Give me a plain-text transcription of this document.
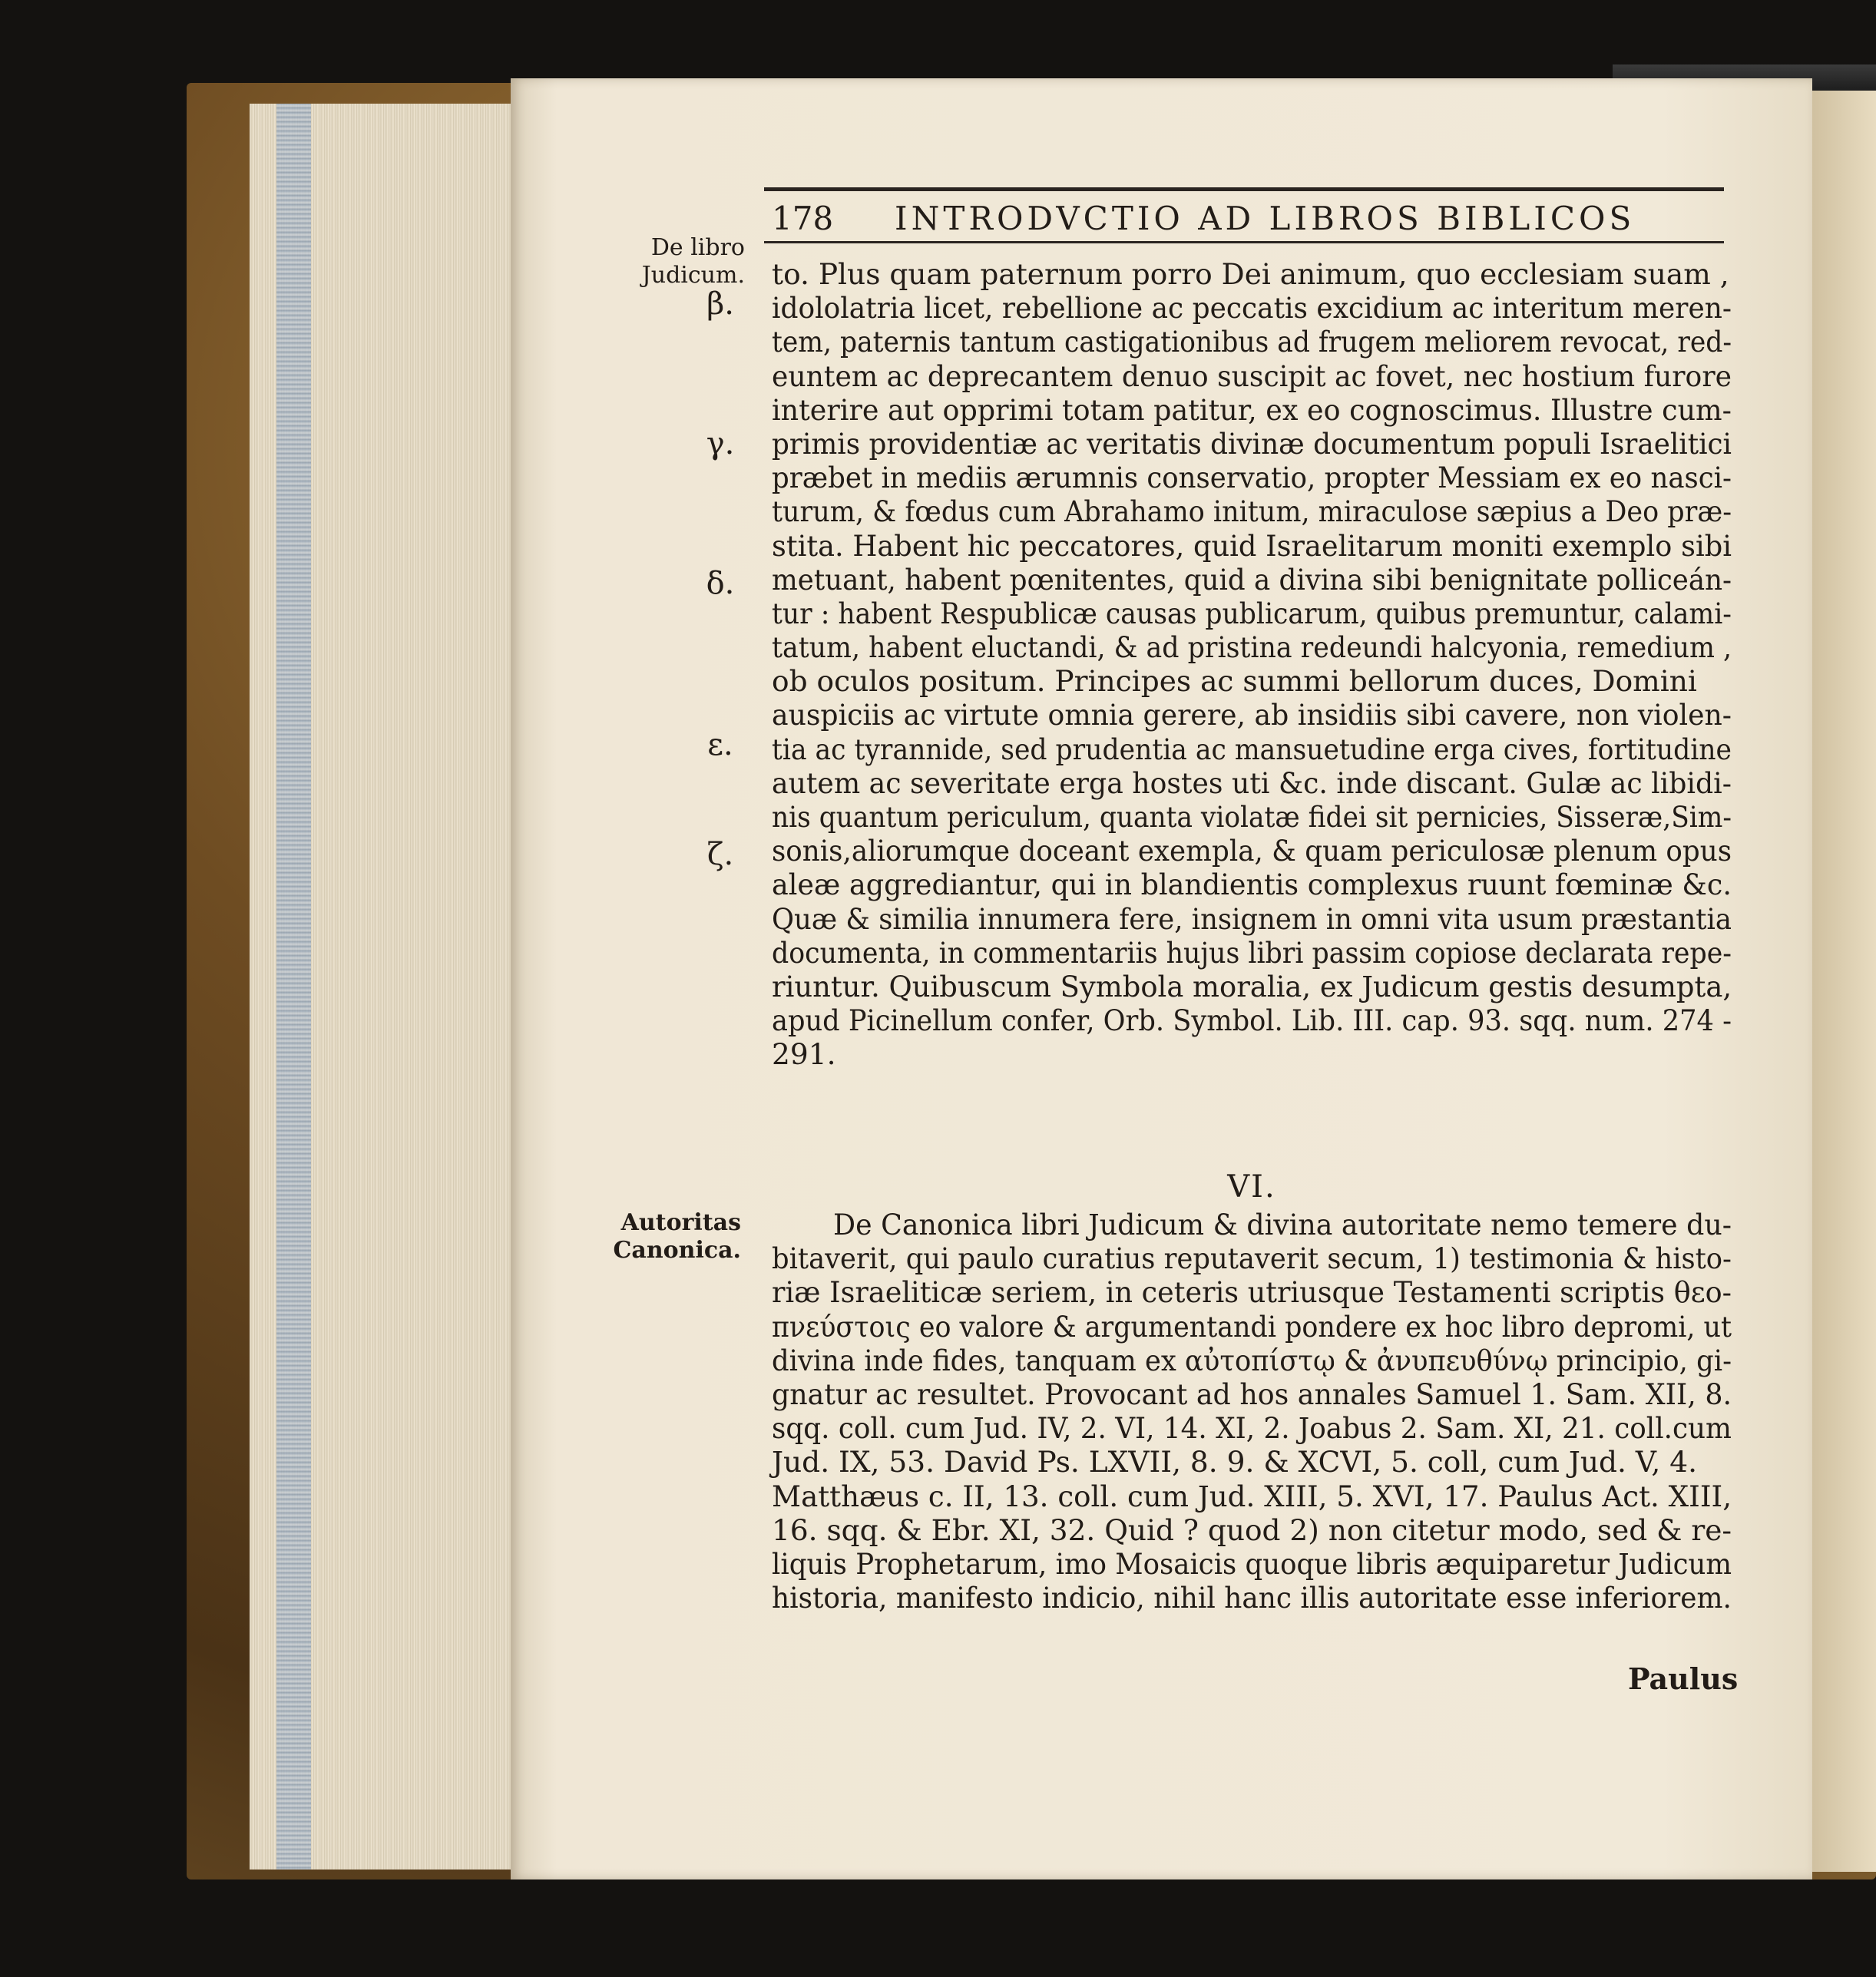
178 INTRODVCTIO AD LIBROS BIBLICOS
De libro
Judicum.
Autoritas
Canonica.
β.
γ.
δ.
ε.
ζ.
to. Plus quam paternum porro Dei animum, quo ecclesiam suam ,
idololatria licet, rebellione ac peccatis excidium ac interitum meren-
tem, paternis tantum castigationibus ad frugem meliorem revocat, red-
euntem ac deprecantem denuo suscipit ac fovet, nec hostium furore
interire aut opprimi totam patitur, ex eo cognoscimus. Illustre cum-
primis providentiæ ac veritatis divinæ documentum populi Israelitici
præbet in mediis ærumnis conservatio, propter Messiam ex eo nasci-
turum, & fœdus cum Abrahamo initum, miraculose sæpius a Deo præ-
stita. Habent hic peccatores, quid Israelitarum moniti exemplo sibi
metuant, habent pœnitentes, quid a divina sibi benignitate polliceán-
tur : habent Respublicæ causas publicarum, quibus premuntur, calami-
tatum, habent eluctandi, & ad pristina redeundi halcyonia, remedium ,
ob oculos positum. Principes ac summi bellorum duces, Domini
auspiciis ac virtute omnia gerere, ab insidiis sibi cavere, non violen-
tia ac tyrannide, sed prudentia ac mansuetudine erga cives, fortitudine
autem ac severitate erga hostes uti &c. inde discant. Gulæ ac libidi-
nis quantum periculum, quanta violatæ fidei sit pernicies, Sisseræ,Sim-
sonis,aliorumque doceant exempla, & quam periculosæ plenum opus
aleæ aggrediantur, qui in blandientis complexus ruunt fœminæ &c.
Quæ & similia innumera fere, insignem in omni vita usum præstantia
documenta, in commentariis hujus libri passim copiose declarata repe-
riuntur. Quibuscum Symbola moralia, ex Judicum gestis desumpta,
apud Picinellum confer, Orb. Symbol. Lib. III. cap. 93. sqq. num. 274 -
291.
VI.
De Canonica libri Judicum & divina autoritate nemo temere du-
bitaverit, qui paulo curatius reputaverit secum, 1) testimonia & histo-
riæ Israeliticæ seriem, in ceteris utriusque Testamenti scriptis θεο-
πνεύστοις eo valore & argumentandi pondere ex hoc libro depromi, ut
divina inde fides, tanquam ex αὐτοπίστῳ & ἀνυπευθύνῳ principio, gi-
gnatur ac resultet. Provocant ad hos annales Samuel 1. Sam. XII, 8.
sqq. coll. cum Jud. IV, 2. VI, 14. XI, 2. Joabus 2. Sam. XI, 21. coll.cum
Jud. IX, 53. David Ps. LXVII, 8. 9. & XCVI, 5. coll, cum Jud. V, 4.
Matthæus c. II, 13. coll. cum Jud. XIII, 5. XVI, 17. Paulus Act. XIII,
16. sqq. & Ebr. XI, 32. Quid ? quod 2) non citetur modo, sed & re-
liquis Prophetarum, imo Mosaicis quoque libris æquiparetur Judicum
historia, manifesto indicio, nihil hanc illis autoritate esse inferiorem.
Paulus
